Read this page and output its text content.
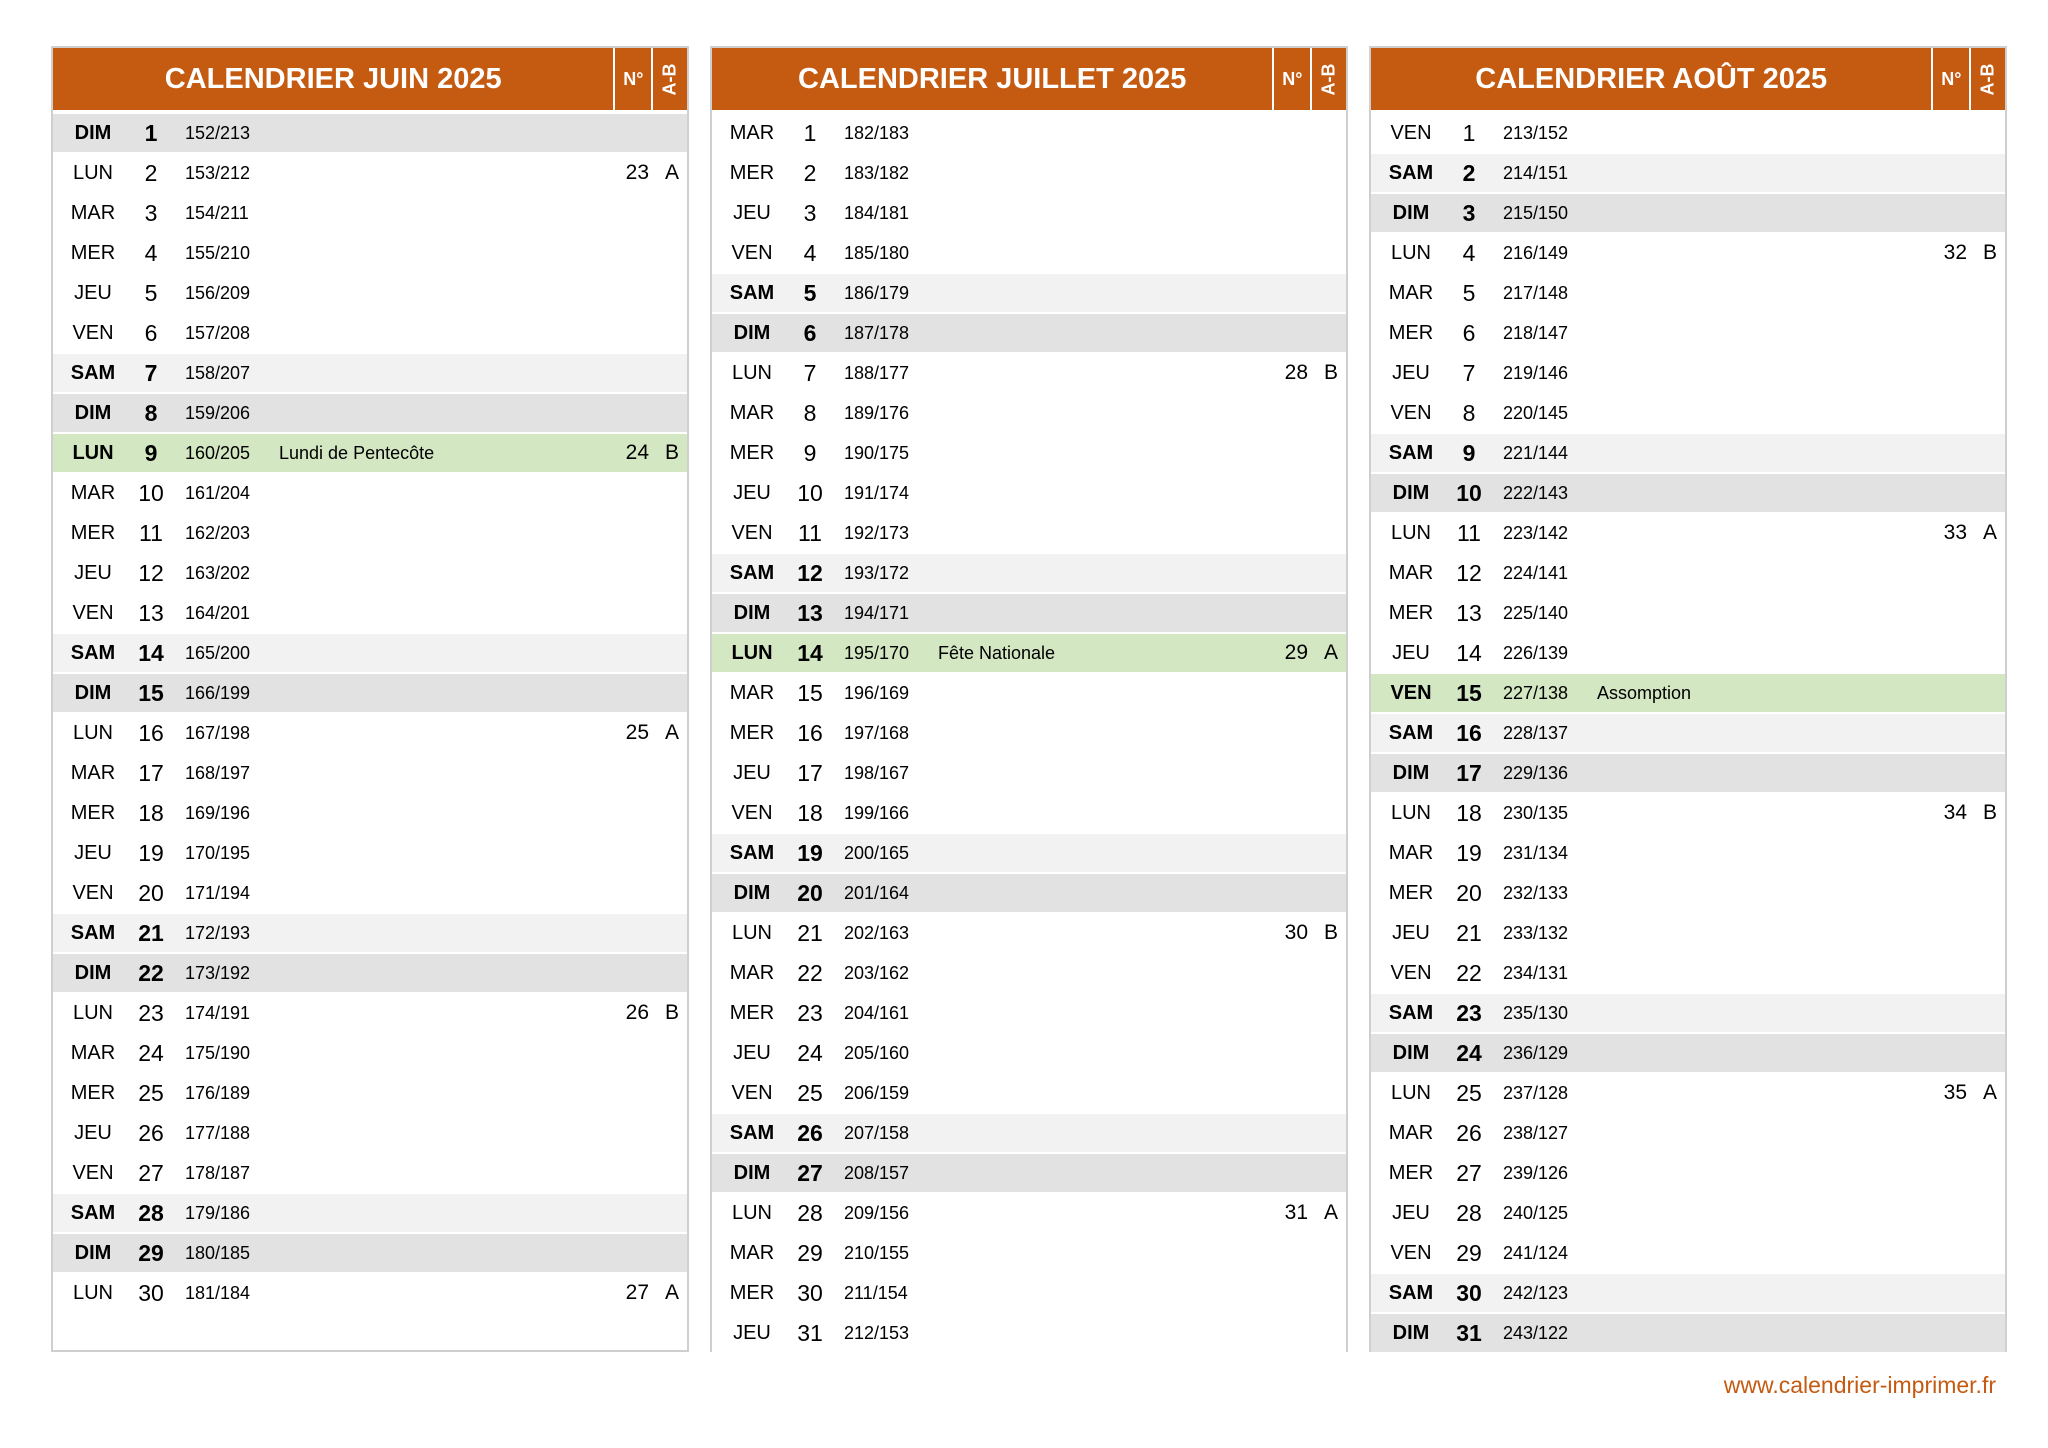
CALENDRIER JUIN 2025	N° A-B
DIM	1	152/213
LUN	2	153/212	23 A
MAR	3	154/211
MER	4	155/210
JEU	5	156/209
VEN	6	157/208
SAM	7	158/207
DIM	8	159/206
LUN	9	160/205	Lundi de Pentecôte	24 B
MAR 10	161/204
MER	11	162/203
JEU	12	163/202
VEN	13	164/201
SAM 14	165/200
DIM	15	166/199
LUN	16	167/198	25 A
MAR 17	168/197
MER 18	169/196
JEU	19	170/195
VEN	20	171/194
SAM 21	172/193
DIM	22	173/192
LUN	23	174/191	26 B
MAR 24	175/190
MER 25	176/189
JEU	26	177/188
VEN	27	178/187
SAM 28	179/186
DIM	29	180/185
LUN	30	181/184	27 A
CALENDRIER JUILLET 2025	N° A-B
MAR	1	182/183
MER	2	183/182
JEU	3	184/181
VEN	4	185/180
SAM	5	186/179
DIM	6	187/178
LUN	7	188/177	28 B
MAR	8	189/176
MER	9	190/175
JEU	10	191/174
VEN	11	192/173
SAM 12	193/172
DIM	13	194/171
LUN	14	195/170	Fête Nationale	29 A
MAR 15	196/169
MER 16	197/168
JEU	17	198/167
VEN	18	199/166
SAM 19	200/165
DIM	20	201/164
LUN	21	202/163	30 B
MAR 22	203/162
MER 23	204/161
JEU	24	205/160
VEN	25	206/159
SAM 26	207/158
DIM	27	208/157
LUN	28	209/156	31 A
MAR 29	210/155
MER 30	211/154
JEU	31	212/153
CALENDRIER AOÛT 2025	N° A-B
VEN	1	213/152
SAM	2	214/151
DIM	3	215/150
LUN	4	216/149	32 B
MAR	5	217/148
MER	6	218/147
JEU	7	219/146
VEN	8	220/145
SAM	9	221/144
DIM	10	222/143
LUN	11	223/142	33 A
MAR 12	224/141
MER 13	225/140
JEU	14	226/139
VEN	15	227/138	Assomption
SAM 16	228/137
DIM	17	229/136
LUN	18	230/135	34 B
MAR 19	231/134
MER 20	232/133
JEU	21	233/132
VEN	22	234/131
SAM 23	235/130
DIM	24	236/129
LUN	25	237/128	35 A
MAR 26	238/127
MER 27	239/126
JEU	28	240/125
VEN	29	241/124
SAM 30	242/123
DIM	31	243/122
www.calendrier-imprimer.fr
